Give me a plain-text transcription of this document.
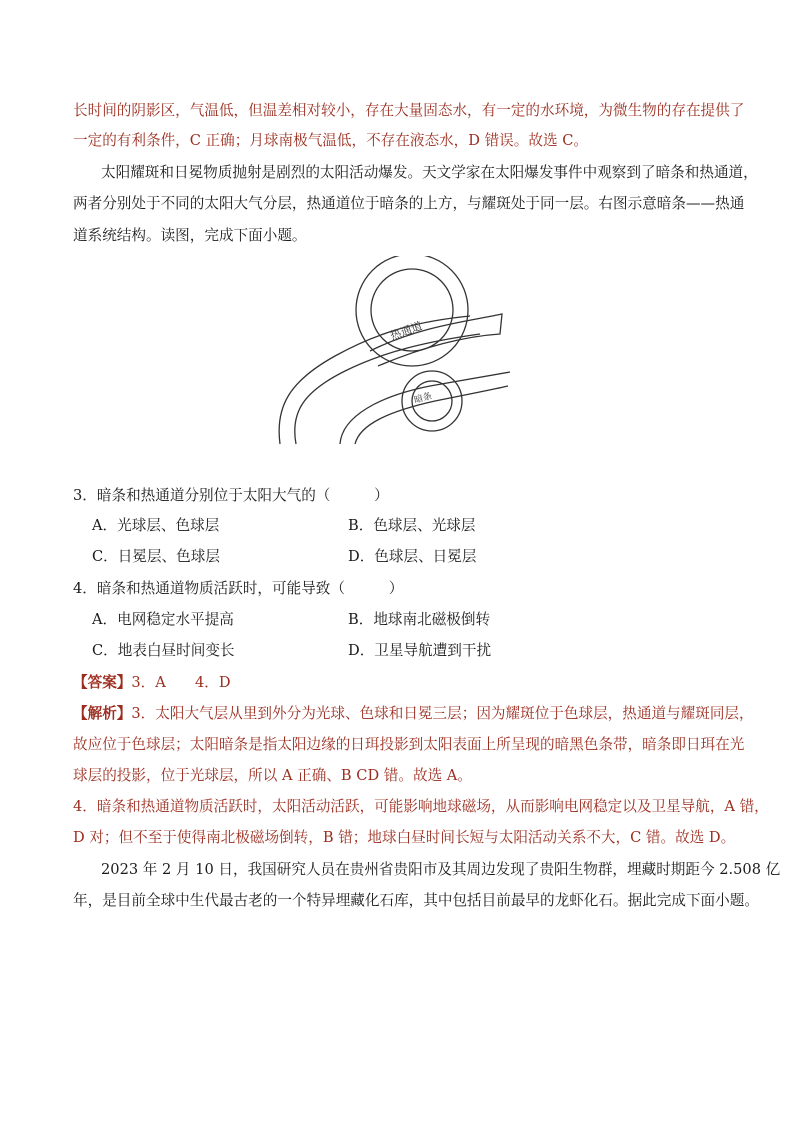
长时间的阴影区，气温低，但温差相对较小，存在大量固态水，有一定的水环境，为微生物的存在提供了
一定的有利条件，C 正确；月球南极气温低，不存在液态水，D 错误。故选 C。
太阳耀斑和日冕物质抛射是剧烈的太阳活动爆发。天文学家在太阳爆发事件中观察到了暗条和热通道，
两者分别处于不同的太阳大气分层，热通道位于暗条的上方，与耀斑处于同一层。右图示意暗条——热通
道系统结构。读图，完成下面小题。
热通道
暗条
3．暗条和热通道分别位于太阳大气的（　　　）
A．光球层、色球层	B．色球层、光球层
C．日冕层、色球层	D．色球层、日冕层
4．暗条和热通道物质活跃时，可能导致（　　　）
A．电网稳定水平提高	B．地球南北磁极倒转
C．地表白昼时间变长	D．卫星导航遭到干扰
【答案】3．A　　4．D
【解析】3．太阳大气层从里到外分为光球、色球和日冕三层；因为耀斑位于色球层，热通道与耀斑同层，
故应位于色球层；太阳暗条是指太阳边缘的日珥投影到太阳表面上所呈现的暗黑色条带，暗条即日珥在光
球层的投影，位于光球层，所以 A 正确、B CD 错。故选 A。
4．暗条和热通道物质活跃时，太阳活动活跃，可能影响地球磁场，从而影响电网稳定以及卫星导航，A 错，
D 对；但不至于使得南北极磁场倒转，B 错；地球白昼时间长短与太阳活动关系不大，C 错。故选 D。
2023 年 2 月 10 日，我国研究人员在贵州省贵阳市及其周边发现了贵阳生物群，埋藏时期距今 2.508 亿
年，是目前全球中生代最古老的一个特异埋藏化石库，其中包括目前最早的龙虾化石。据此完成下面小题。
